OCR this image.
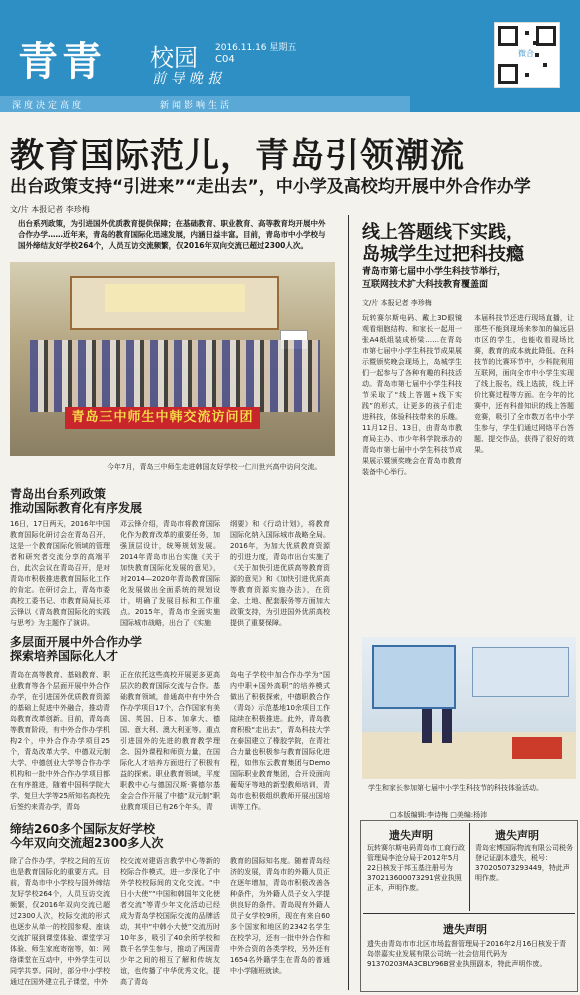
青青 校园 2016.11.16 星期五
C04
前 导 晚 报
深度决定高度	新闻影响生活
微合
教育国际范儿，青岛引领潮流
出台政策支持“引进来”“走出去”，中小学及高校均开展中外合作办学
文/片 本报记者 李珍梅
出台系列政策，为引进国外优质教育提供保障；在基础教育、职业教育、高等教育均开展中外合作办学……近年来，青岛的教育国际化迅速发展，内涵日益丰富。目前，青岛市中小学校与国外缔结友好学校264个，人员互访交流频繁，仅2016年双向交流已超过2300人次。
青岛三中师生中韩交流访问团
今年7月，青岛三中师生走进韩国友好学校一仁川世兴高中访问交流。
青岛出台系列政策
推动国际教育化有序发展
16日，17日两天，2016年中国教育国际化研讨会在青岛召开，这是一个教育国际化领域的管理者和研究者交流分享的高端平台，此次会议在青岛召开，是对青岛市积极推进教育国际化工作的肯定。在研讨会上，青岛市委高校工委书记、市教育局局长邓云锋以《青岛教育国际化的实践与思考》为主题作了演讲。
邓云锋介绍，青岛市将教育国际化作为教育改革的重要任务，加强顶层设计，统筹规划发展。2014年青岛市出台实施《关于加快教育国际化发展的意见》，对2014—2020年青岛教育国际化发展做出全面系统的规划设计，明确了发展目标和工作重点。2015年，青岛市全面实施国际城市战略，出台了《实施
纲要》和《行动计划》，将教育国际化纳入国际城市战略全局。2016年，为加大优质教育资源的引进力度，青岛市出台实施了《关于加快引进优质高等教育资源的意见》和《加快引进优质高等教育资源实施办法》，在资金、土地、配套服务等方面加大政策支持，为引进国外优质高校提供了重要保障。
多层面开展中外合作办学
探索培养国际化人才
青岛在高等教育、基础教育、职业教育等各个层面开展中外合作办学，在引进国外优质教育资源的基础上促进中外融合，推动青岛教育改革创新。目前，青岛高等教育阶段，有中外合作办学机构2个，中外合作办学项目25个，青岛改革大学、中德双元制大学、中德创业大学等合作办学机构和一批中外合作办学项目都在有序推进，随着中国科学院大学、复旦大学等25所知名高校先后签约来青办学，青岛
正在依托这些高校开展更多更高层次的教育国际交流与合作。基础教育领域，普通高中有中外合作办学项目17个，合作国家有美国、英国、日本、加拿大、德国、意大利、澳大利亚等。重点引进国外的先进的教育教学理念、国外课程和师资力量，在国际化人才培养方面进行了积极有益的探索。职业教育领域，平度职教中心与德国汉斯·赛德尔基金会合作开展了中德“双元制”职业教育项目已有26个年头，青
岛电子学校中加合作办学为“国内中职+国外高职”的培养模式做出了积极探索，中德职教合作（青岛）示范基地10余项目工作陆续在积极推进。此外，青岛教育积极“走出去”，青岛科技大学在泰国建立了橡胶学院，在青社合力量也积极参与教育国际化进程，如伟东云教育集团与Demo国际职业教育集团，合开设面向葡萄牙等地的新型教师培训，青岛市也积极组织教师开展出国培训等工作。
缔结260多个国际友好学校
今年双向交流超2300多人次
除了合作办学，学校之间的互访也是教育国际化的重要方式。目前，青岛市中小学校与国外缔结友好学校264个，人员互访交流频繁，仅2016年双向交流已超过2300人次，校际交流的形式也逐步从单一的校园参观、座谈交流扩展到课堂体验、课堂学习体验、师生家庭寄宿等，如：网络课堂在互动中，中外学生可以同学共享。同时，部分中小学校通过在国外建立孔子课堂，中外
校交流对建语言教学中心等新的校际合作模式，进一步深化了中外学校校际间的文化交流。“中日小大使”“中国和韩国年文化使者交流”等青少年文化活动已经成为青岛学校国际交流的品牌活动，其中“中韩小大使”交流历时10年多，吸引了40余所学校和数千名学生参与，推动了两国青少年之间的相互了解和传统友谊，也传播了中华优秀文化，提高了青岛
教育的国际知名度。随着青岛经济的发展，青岛市的外籍人员正在逐年增加，青岛市积极改善各种条件，为外籍人员子女入学提供良好的条件。青岛现有外籍人员子女学校9所，现在有来自60多个国家和地区的2342名学生在校学习，还有一批中外合作和中外合资的各类学校，另外还有1654名外籍学生在青岛的普通中小学随班就读。
线上答题线下实践，
岛城学生过把科技瘾
青岛市第七届中小学生科技节举行，
互联网技术扩大科技教育覆盖面
文/片 本报记者 李珍梅
玩转赛尔斯电码、戴上3D眼镜观看细胞结构、和家长一起用一张A4纸组装成桥梁……在青岛市第七届中小学生科技节成果展示暨颁奖晚会现场上，岛城学生们一起参与了各种有趣的科技活动。青岛市第七届中小学生科技节采取了“线上答题+线下实践”的形式，让更多的孩子们走进科技，体验科技带来的乐趣。11月12日、13日，由青岛市教育局主办、市少年科学院承办的青岛市第七届中小学生科技节成果展示暨颁奖晚会在青岛市教育装备中心举行。
本届科技节还进行现场直播，让那些不能到现场来参加的偏远县市区的学生，也能收看现场比赛，教育的成本就此降低。在科技节的比赛环节中，少科院利用互联网，面向全市中小学生实现了线上报名，线上选拔，线上评价比赛过程等方面。在今年的比赛中，还有科普知识的线上答题竞赛，吸引了全市数万名中小学生参与，学生们通过网络平台答题、提交作品，获得了很好的效果。
学生和家长参加第七届中小学生科技节的科技体验活动。
□本版编辑:李诗梅 □美编:杨沛
遗失声明
玩转赛尔斯电码青岛市工商行政管理局李沧分局于2012年5月22日核发于邦玉基注册号为370213600073291营业执照正本，声明作废。
遗失声明
青岛宏博国际物流有限公司税务登记证副本遗失，税号：370205073293449，特此声明作废。
遗失声明
遗失由青岛市市北区市场监督管理局于2016年2月16日核发于青岛崇嘉实业发展有限公司统一社会信用代码为91370203MA3CBLY96B营业执照副本，特此声明作废。
